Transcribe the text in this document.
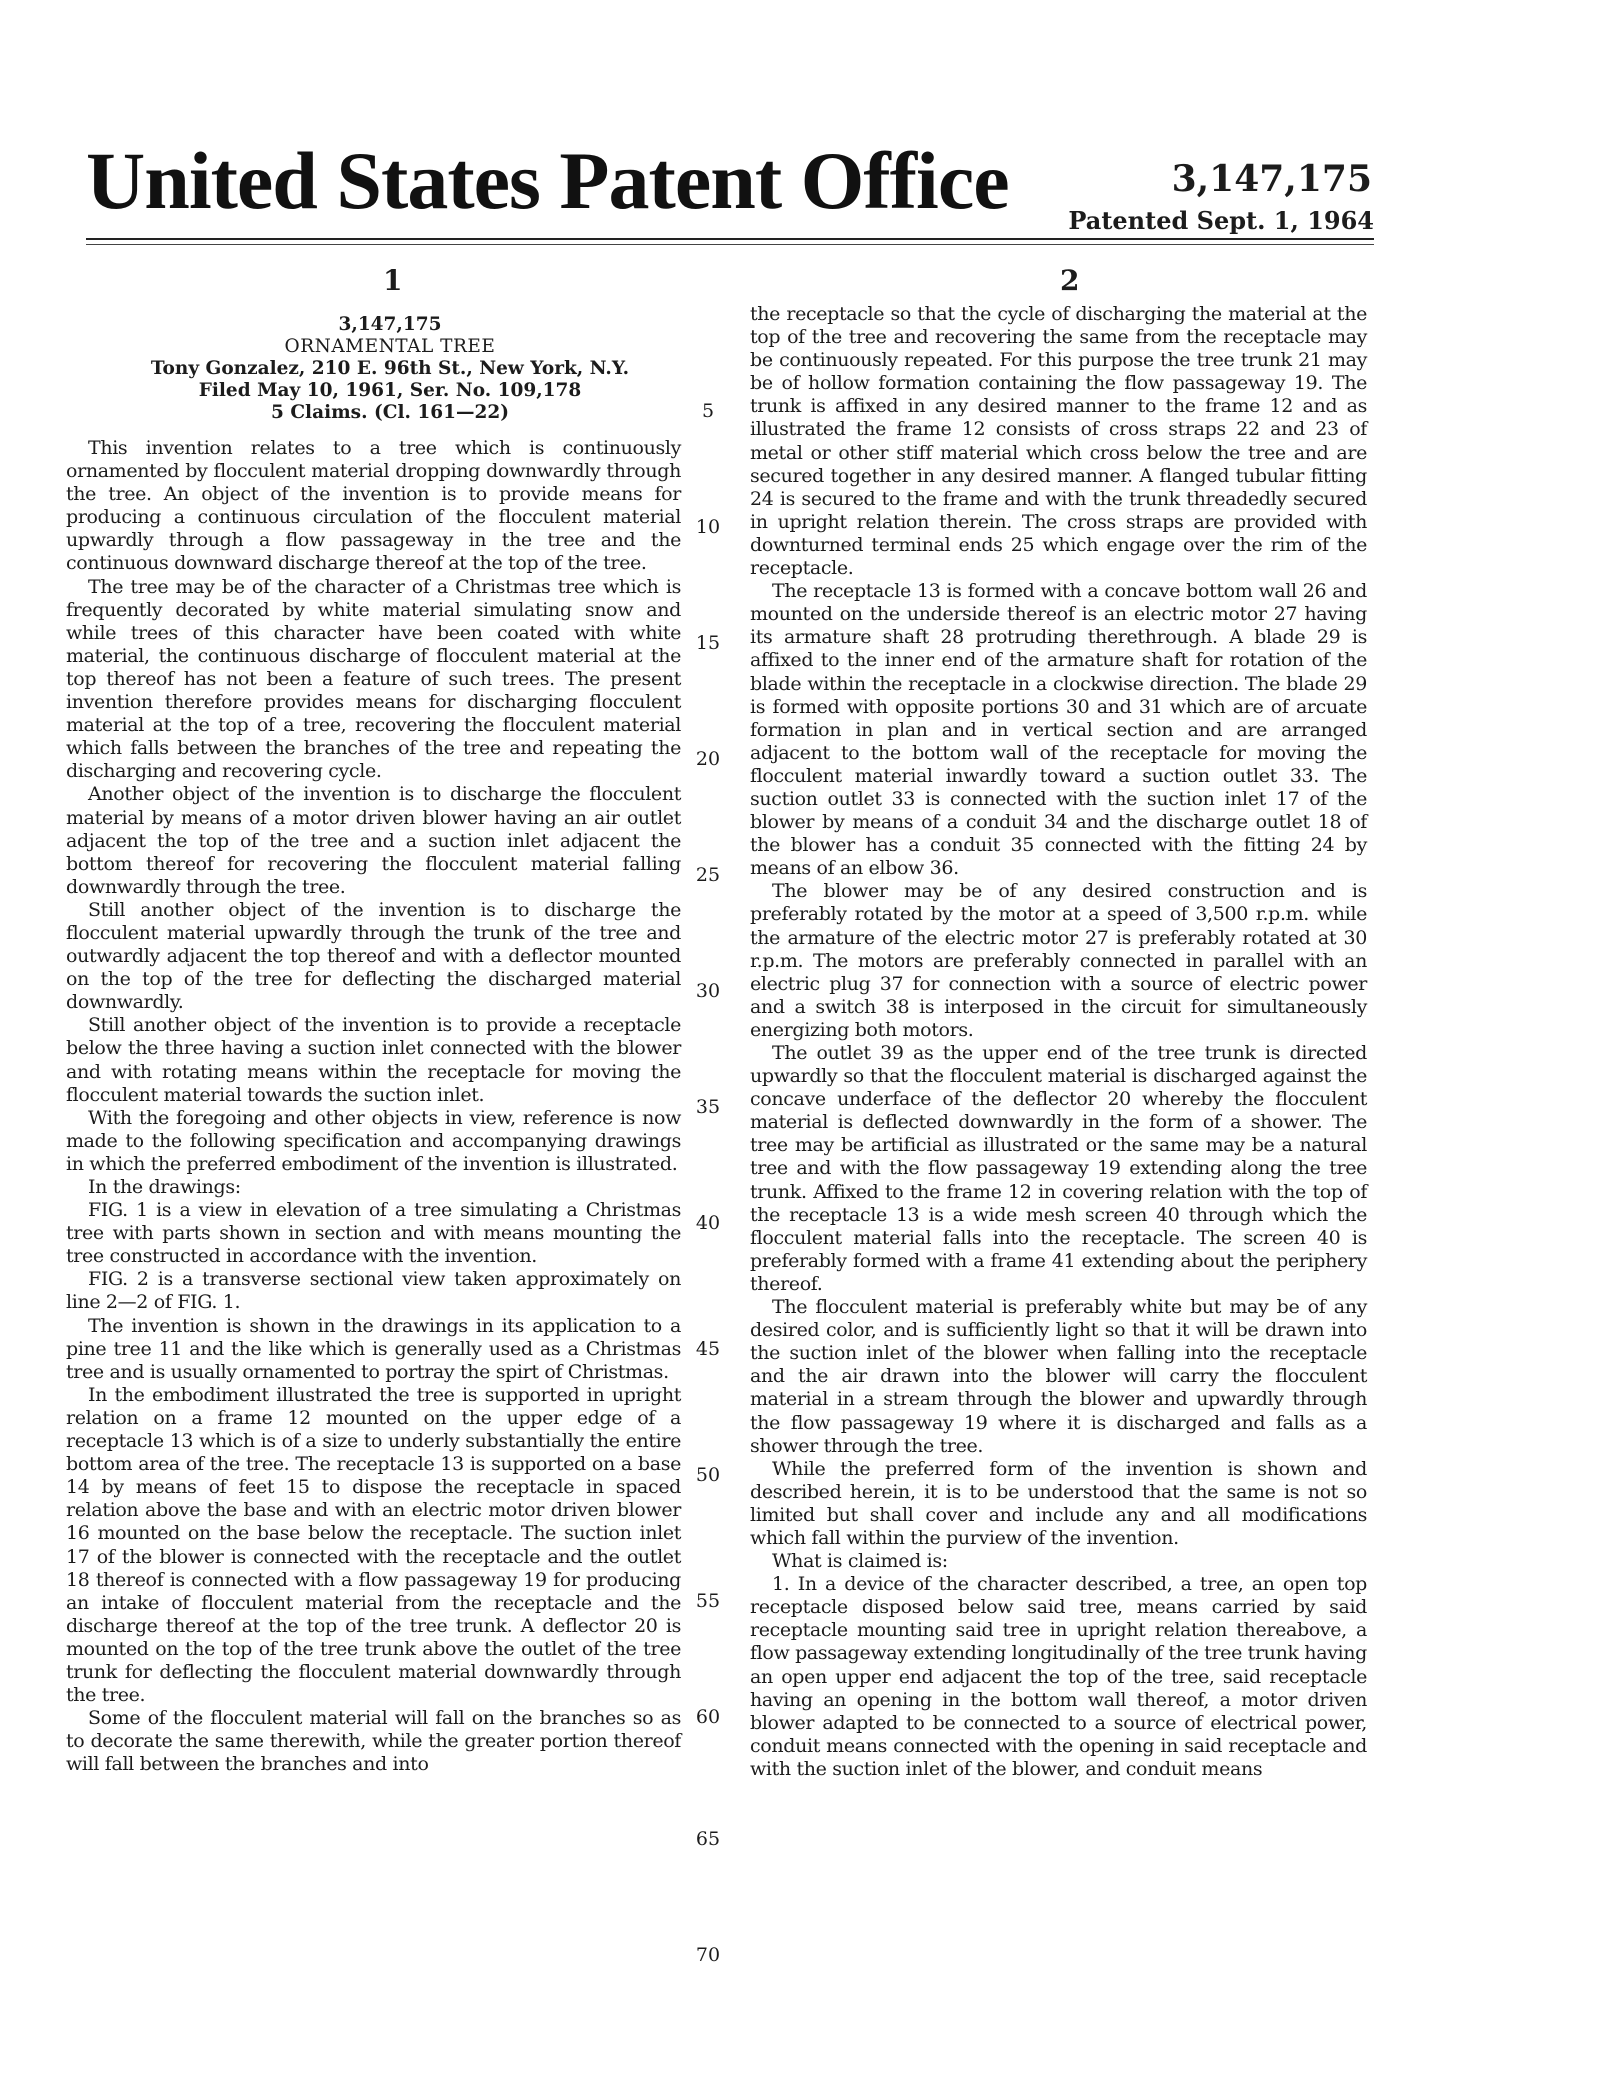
United States Patent Office	3,147,175
Patented Sept. 1, 1964
1	2
3,147,175
ORNAMENTAL TREE
Tony Gonzalez, 210 E. 96th St., New York, N.Y.
Filed May 10, 1961, Ser. No. 109,178
5 Claims. (Cl. 161—22)

This invention relates to a tree which is continuously ornamented by flocculent material dropping downwardly through the tree. An object of the invention is to provide means for producing a continuous circulation of the flocculent material upwardly through a flow passageway in the tree and the continuous downward discharge thereof at the top of the tree.

The tree may be of the character of a Christmas tree which is frequently decorated by white material simulating snow and while trees of this character have been coated with white material, the continuous discharge of flocculent material at the top thereof has not been a feature of such trees. The present invention therefore provides means for discharging flocculent material at the top of a tree, recovering the flocculent material which falls between the branches of the tree and repeating the discharging and recovering cycle.

Another object of the invention is to discharge the flocculent material by means of a motor driven blower having an air outlet adjacent the top of the tree and a suction inlet adjacent the bottom thereof for recovering the flocculent material falling downwardly through the tree.

Still another object of the invention is to discharge the flocculent material upwardly through the trunk of the tree and outwardly adjacent the top thereof and with a deflector mounted on the top of the tree for deflecting the discharged material downwardly.

Still another object of the invention is to provide a receptacle below the three having a suction inlet connected with the blower and with rotating means within the receptacle for moving the flocculent material towards the suction inlet.

With the foregoing and other objects in view, reference is now made to the following specification and accompanying drawings in which the preferred embodiment of the invention is illustrated.

In the drawings:

FIG. 1 is a view in elevation of a tree simulating a Christmas tree with parts shown in section and with means mounting the tree constructed in accordance with the invention.

FIG. 2 is a transverse sectional view taken approximately on line 2—2 of FIG. 1.

The invention is shown in the drawings in its application to a pine tree 11 and the like which is generally used as a Christmas tree and is usually ornamented to portray the spirt of Christmas.

In the embodiment illustrated the tree is supported in upright relation on a frame 12 mounted on the upper edge of a receptacle 13 which is of a size to underly substantially the entire bottom area of the tree. The receptacle 13 is supported on a base 14 by means of feet 15 to dispose the receptacle in spaced relation above the base and with an electric motor driven blower 16 mounted on the base below the receptacle. The suction inlet 17 of the blower is connected with the receptacle and the outlet 18 thereof is connected with a flow passageway 19 for producing an intake of flocculent material from the receptacle and the discharge thereof at the top of the tree trunk. A deflector 20 is mounted on the top of the tree trunk above the outlet of the tree trunk for deflecting the flocculent material downwardly through the tree.

Some of the flocculent material will fall on the branches so as to decorate the same therewith, while the greater portion thereof will fall between the branches and into

the receptacle so that the cycle of discharging the material at the top of the tree and recovering the same from the receptacle may be continuously repeated. For this purpose the tree trunk 21 may be of hollow formation containing the flow passageway 19. The trunk is affixed in any desired manner to the frame 12 and as illustrated the frame 12 consists of cross straps 22 and 23 of metal or other stiff material which cross below the tree and are secured together in any desired manner. A flanged tubular fitting 24 is secured to the frame and with the trunk threadedly secured in upright relation therein. The cross straps are provided with downturned terminal ends 25 which engage over the rim of the receptacle.

The receptacle 13 is formed with a concave bottom wall 26 and mounted on the underside thereof is an electric motor 27 having its armature shaft 28 protruding therethrough. A blade 29 is affixed to the inner end of the armature shaft for rotation of the blade within the receptacle in a clockwise direction. The blade 29 is formed with opposite portions 30 and 31 which are of arcuate formation in plan and in vertical section and are arranged adjacent to the bottom wall of the receptacle for moving the flocculent material inwardly toward a suction outlet 33. The suction outlet 33 is connected with the suction inlet 17 of the blower by means of a conduit 34 and the discharge outlet 18 of the blower has a conduit 35 connected with the fitting 24 by means of an elbow 36.

The blower may be of any desired construction and is preferably rotated by the motor at a speed of 3,500 r.p.m. while the armature of the electric motor 27 is preferably rotated at 30 r.p.m. The motors are preferably connected in parallel with an electric plug 37 for connection with a source of electric power and a switch 38 is interposed in the circuit for simultaneously energizing both motors.

The outlet 39 as the upper end of the tree trunk is directed upwardly so that the flocculent material is discharged against the concave underface of the deflector 20 whereby the flocculent material is deflected downwardly in the form of a shower. The tree may be artificial as illustrated or the same may be a natural tree and with the flow passageway 19 extending along the tree trunk. Affixed to the frame 12 in covering relation with the top of the receptacle 13 is a wide mesh screen 40 through which the flocculent material falls into the receptacle. The screen 40 is preferably formed with a frame 41 extending about the periphery thereof.

The flocculent material is preferably white but may be of any desired color, and is sufficiently light so that it will be drawn into the suction inlet of the blower when falling into the receptacle and the air drawn into the blower will carry the flocculent material in a stream through the blower and upwardly through the flow passageway 19 where it is discharged and falls as a shower through the tree.

While the preferred form of the invention is shown and described herein, it is to be understood that the same is not so limited but shall cover and include any and all modifications which fall within the purview of the invention.

What is claimed is:

1. In a device of the character described, a tree, an open top receptacle disposed below said tree, means carried by said receptacle mounting said tree in upright relation thereabove, a flow passageway extending longitudinally of the tree trunk having an open upper end adjacent the top of the tree, said receptacle having an opening in the bottom wall thereof, a motor driven blower adapted to be connected to a source of electrical power, conduit means connected with the opening in said receptacle and with the suction inlet of the blower, and conduit means

5
10
15
20
25
30
35
40
45
50
55
60
65
70
